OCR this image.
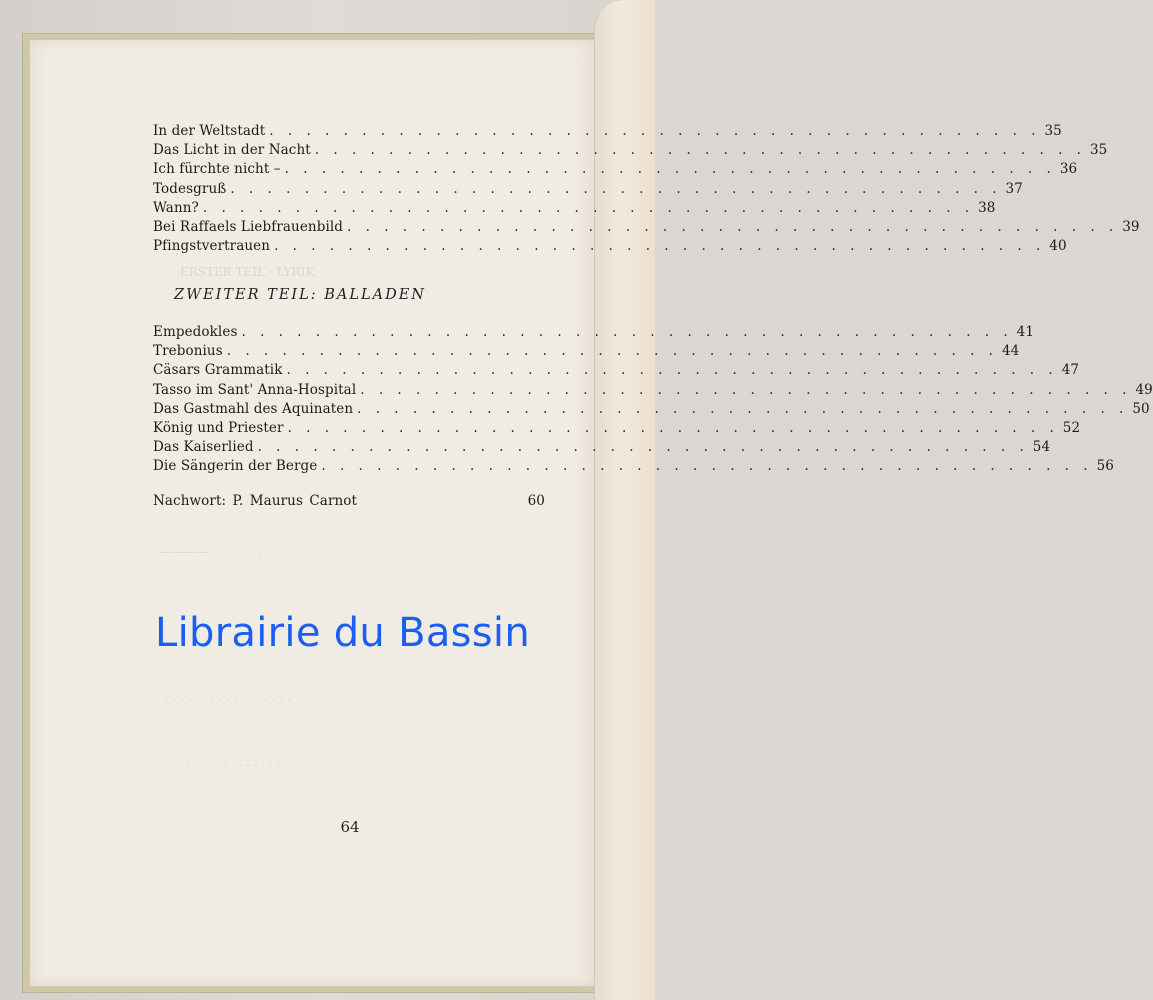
ERSTER TEIL · LYRIK
———— . . . . . . . . . .
. . . . . . . . . . . . . . . . .
. . . . . . . . . . . . . . . . .
In der Weltstadt . . . . . . . . . . . . . . . . . . . . . . . . . . . . . . . . . . . . . . . . . . 35
Das Licht in der Nacht . . . . . . . . . . . . . . . . . . . . . . . . . . . . . . . . . . . . . . . . . . 35
Ich fürchte nicht – . . . . . . . . . . . . . . . . . . . . . . . . . . . . . . . . . . . . . . . . . . 36
Todesgruß . . . . . . . . . . . . . . . . . . . . . . . . . . . . . . . . . . . . . . . . . . 37
Wann? . . . . . . . . . . . . . . . . . . . . . . . . . . . . . . . . . . . . . . . . . . 38
Bei Raffaels Liebfrauenbild . . . . . . . . . . . . . . . . . . . . . . . . . . . . . . . . . . . . . . . . . . 39
Pfingstvertrauen . . . . . . . . . . . . . . . . . . . . . . . . . . . . . . . . . . . . . . . . . . 40
ZWEITER TEIL: BALLADEN
Empedokles . . . . . . . . . . . . . . . . . . . . . . . . . . . . . . . . . . . . . . . . . . 41
Trebonius . . . . . . . . . . . . . . . . . . . . . . . . . . . . . . . . . . . . . . . . . . 44
Cäsars Grammatik . . . . . . . . . . . . . . . . . . . . . . . . . . . . . . . . . . . . . . . . . . 47
Tasso im Sant' Anna-Hospital . . . . . . . . . . . . . . . . . . . . . . . . . . . . . . . . . . . . . . . . . . 49
Das Gastmahl des Aquinaten . . . . . . . . . . . . . . . . . . . . . . . . . . . . . . . . . . . . . . . . . . 50
König und Priester . . . . . . . . . . . . . . . . . . . . . . . . . . . . . . . . . . . . . . . . . . 52
Das Kaiserlied . . . . . . . . . . . . . . . . . . . . . . . . . . . . . . . . . . . . . . . . . . 54
Die Sängerin der Berge . . . . . . . . . . . . . . . . . . . . . . . . . . . . . . . . . . . . . . . . . . 56
Nachwort: P. Maurus Carnot	60
Librairie du Bassin
64
